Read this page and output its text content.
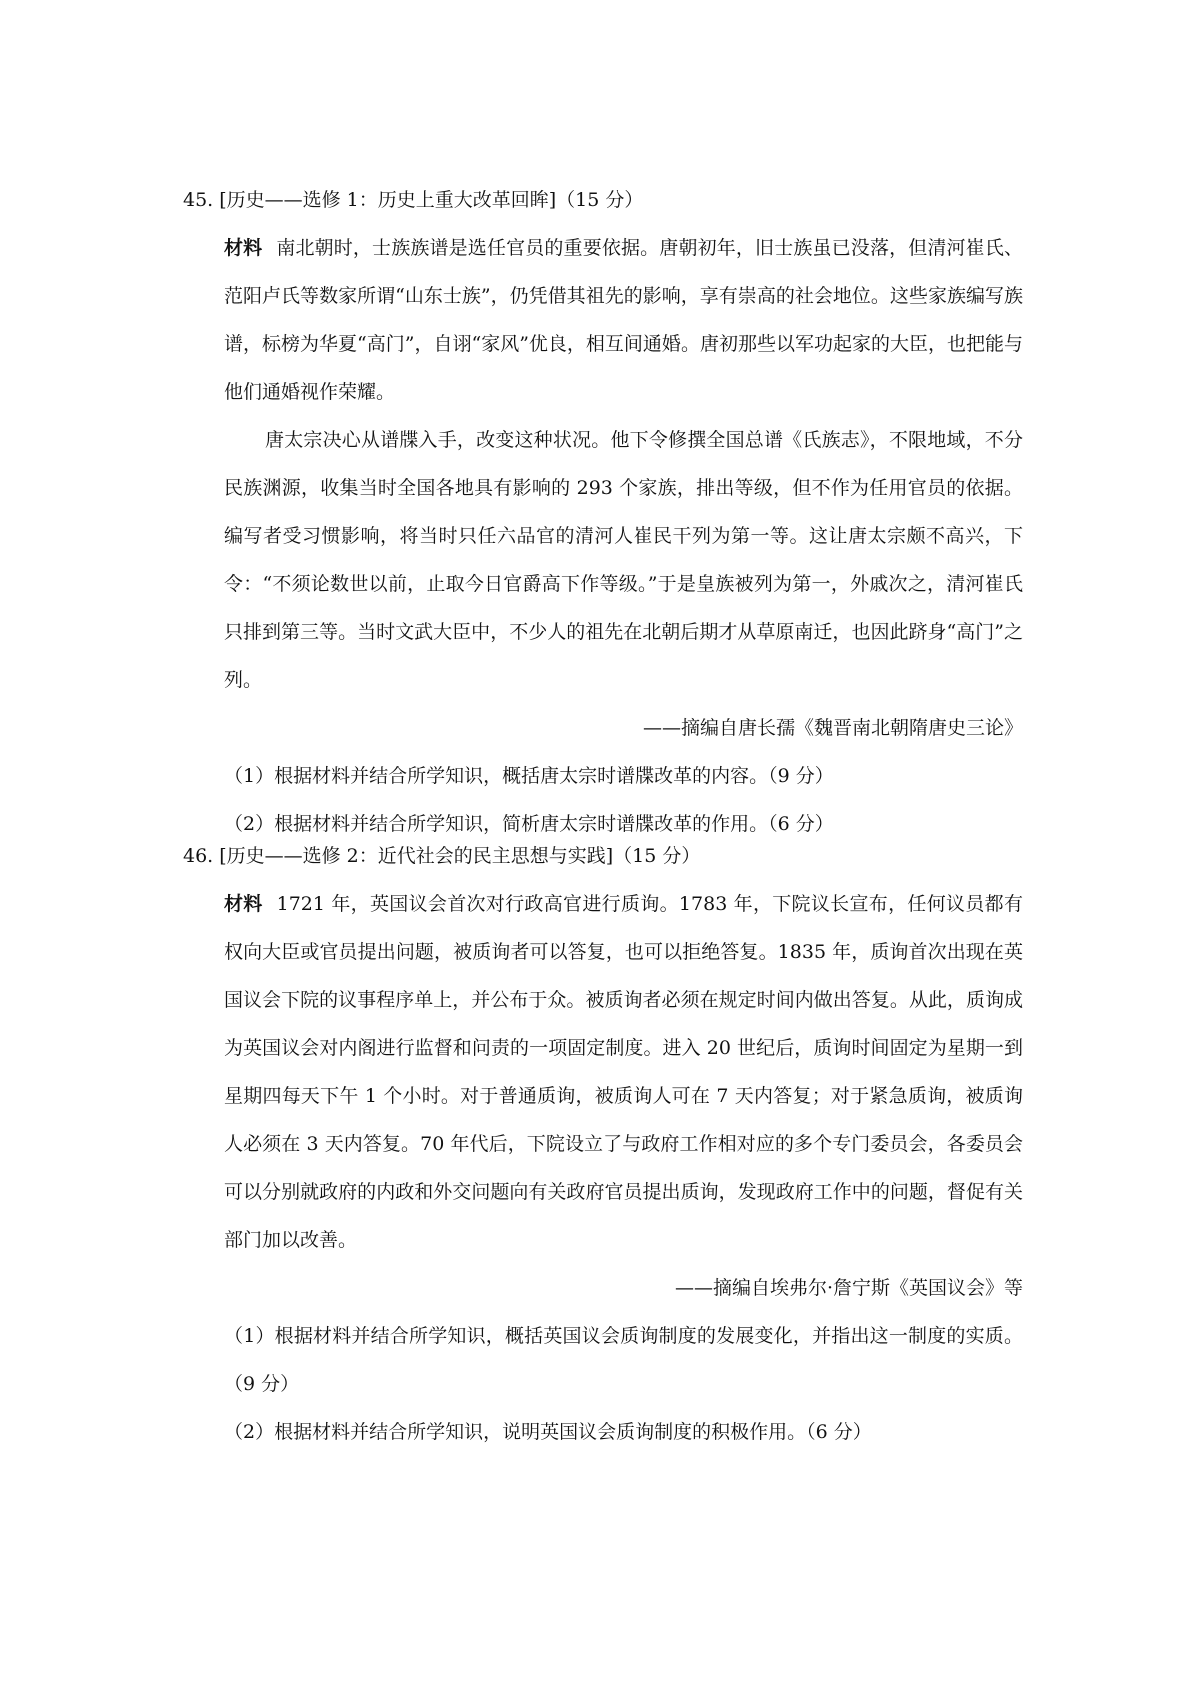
45. [历史——选修 1：历史上重大改革回眸]（15 分）

材料 南北朝时，士族族谱是选任官员的重要依据。唐朝初年，旧士族虽已没落，但清河崔氏、范阳卢氏等数家所谓“山东士族”，仍凭借其祖先的影响，享有崇高的社会地位。这些家族编写族谱，标榜为华夏“高门”，自诩“家风”优良，相互间通婚。唐初那些以军功起家的大臣，也把能与他们通婚视作荣耀。

唐太宗决心从谱牒入手，改变这种状况。他下令修撰全国总谱《氏族志》，不限地域，不分民族渊源，收集当时全国各地具有影响的 293 个家族，排出等级，但不作为任用官员的依据。编写者受习惯影响，将当时只任六品官的清河人崔民干列为第一等。这让唐太宗颇不高兴，下令：“不须论数世以前，止取今日官爵高下作等级。”于是皇族被列为第一，外戚次之，清河崔氏只排到第三等。当时文武大臣中，不少人的祖先在北朝后期才从草原南迁，也因此跻身“高门”之列。

——摘编自唐长孺《魏晋南北朝隋唐史三论》

（1）根据材料并结合所学知识，概括唐太宗时谱牒改革的内容。（9 分）

（2）根据材料并结合所学知识，简析唐太宗时谱牒改革的作用。（6 分）

46. [历史——选修 2：近代社会的民主思想与实践]（15 分）

材料 1721 年，英国议会首次对行政高官进行质询。1783 年，下院议长宣布，任何议员都有权向大臣或官员提出问题，被质询者可以答复，也可以拒绝答复。1835 年，质询首次出现在英国议会下院的议事程序单上，并公布于众。被质询者必须在规定时间内做出答复。从此，质询成为英国议会对内阁进行监督和问责的一项固定制度。进入 20 世纪后，质询时间固定为星期一到星期四每天下午 1 个小时。对于普通质询，被质询人可在 7 天内答复；对于紧急质询，被质询人必须在 3 天内答复。70 年代后，下院设立了与政府工作相对应的多个专门委员会，各委员会可以分别就政府的内政和外交问题向有关政府官员提出质询，发现政府工作中的问题，督促有关部门加以改善。

——摘编自埃弗尔·詹宁斯《英国议会》等

（1）根据材料并结合所学知识，概括英国议会质询制度的发展变化，并指出这一制度的实质。（9 分）

（2）根据材料并结合所学知识，说明英国议会质询制度的积极作用。（6 分）
